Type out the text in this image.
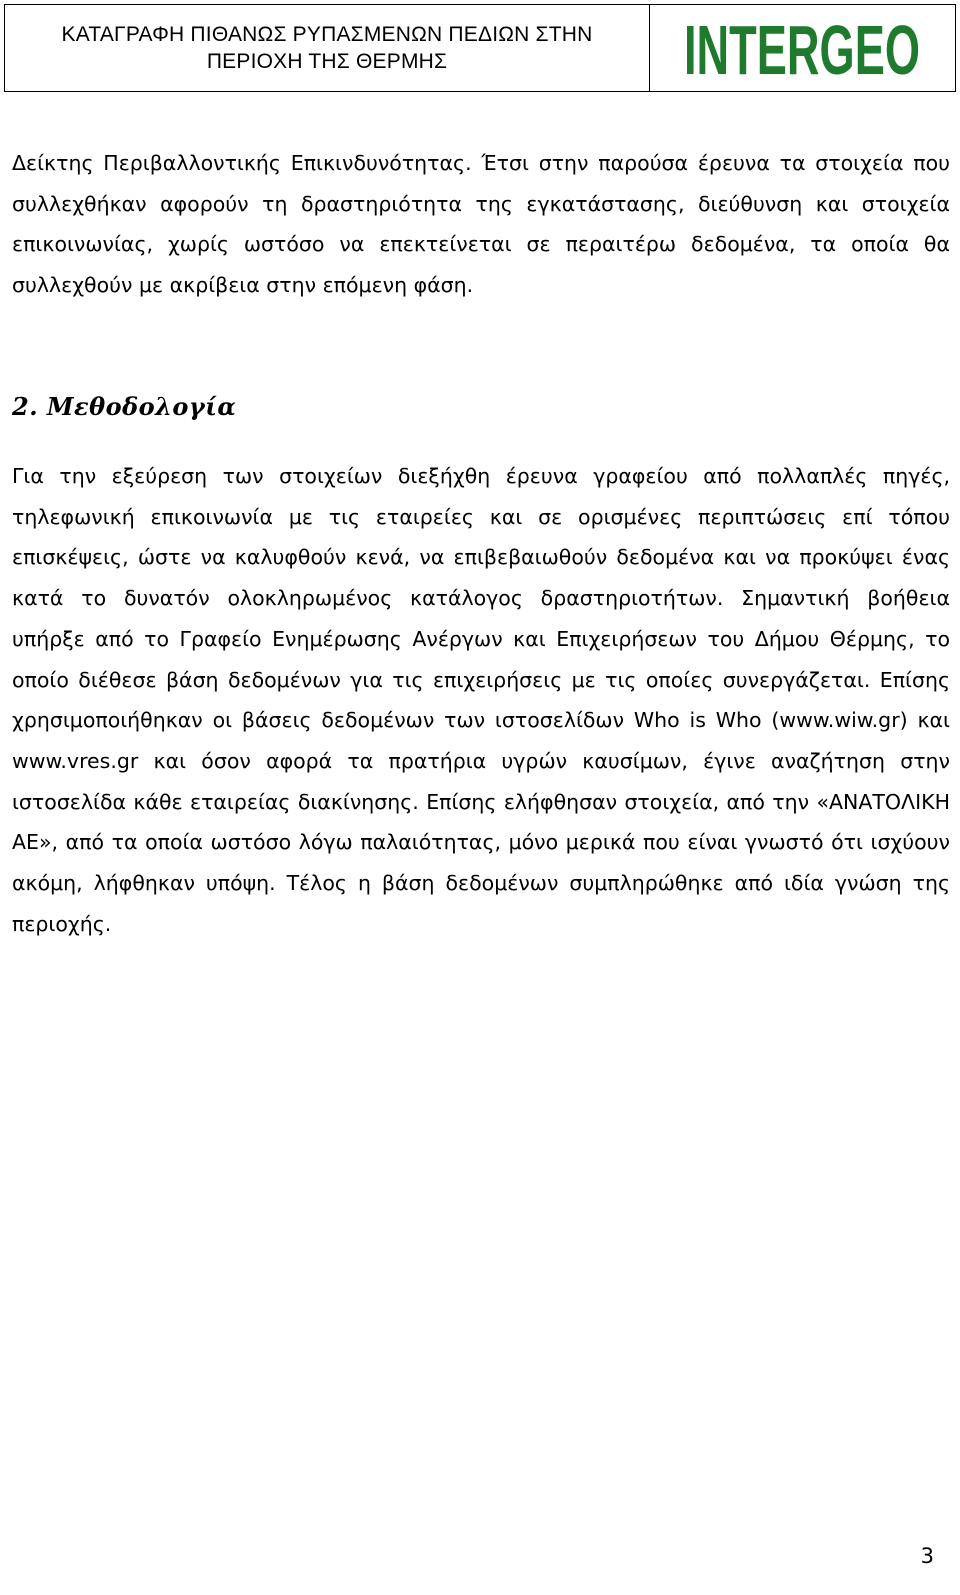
ΚΑΤΑΓΡΑΦΗ ΠΙΘΑΝΩΣ ΡΥΠΑΣΜΕΝΩΝ ΠΕΔΙΩΝ ΣΤΗΝ
ΠΕΡΙΟΧΗ ΤΗΣ ΘΕΡΜΗΣ	INTERGEO

Δείκτης Περιβαλλοντικής Επικινδυνότητας. Έτσι στην παρούσα έρευνα τα στοιχεία που συλλεχθήκαν αφορούν τη δραστηριότητα της εγκατάστασης, διεύθυνση και στοιχεία επικοινωνίας, χωρίς ωστόσο να επεκτείνεται σε περαιτέρω δεδομένα, τα οποία θα συλλεχθούν με ακρίβεια στην επόμενη φάση.

2. Μεθοδολογία

Για την εξεύρεση των στοιχείων διεξήχθη έρευνα γραφείου από πολλαπλές πηγές, τηλεφωνική επικοινωνία με τις εταιρείες και σε ορισμένες περιπτώσεις επί τόπου επισκέψεις, ώστε να καλυφθούν κενά, να επιβεβαιωθούν δεδομένα και να προκύψει ένας κατά το δυνατόν ολοκληρωμένος κατάλογος δραστηριοτήτων. Σημαντική βοήθεια υπήρξε από το Γραφείο Ενημέρωσης Ανέργων και Επιχειρήσεων του Δήμου Θέρμης, το οποίο διέθεσε βάση δεδομένων για τις επιχειρήσεις με τις οποίες συνεργάζεται. Επίσης χρησιμοποιήθηκαν οι βάσεις δεδομένων των ιστοσελίδων Who is Who (www.wiw.gr) και www.vres.gr και όσον αφορά τα πρατήρια υγρών καυσίμων, έγινε αναζήτηση στην ιστοσελίδα κάθε εταιρείας διακίνησης. Επίσης ελήφθησαν στοιχεία, από την «ΑΝΑΤΟΛΙΚΗ ΑΕ», από τα οποία ωστόσο λόγω παλαιότητας, μόνο μερικά που είναι γνωστό ότι ισχύουν ακόμη, λήφθηκαν υπόψη. Τέλος η βάση δεδομένων συμπληρώθηκε από ιδία γνώση της περιοχής.

3
